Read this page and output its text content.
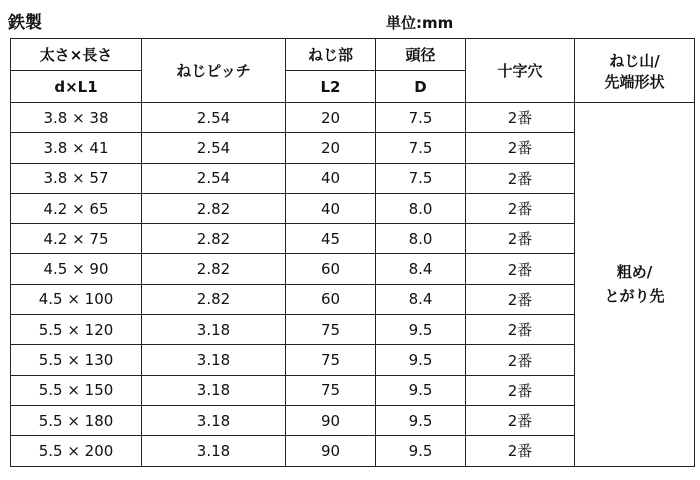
鉄製	単位:mm
太さ×長さ	ねじピッチ	ねじ部	頭径	十字穴	ねじ山/
先端形状

d×L1		L2	D		
3.8 × 38	2.54	20	7.5	2番	粗め/
とがり先

3.8 × 41	2.54	20	7.5	2番	
3.8 × 57	2.54	40	7.5	2番	
4.2 × 65	2.82	40	8.0	2番	
4.2 × 75	2.82	45	8.0	2番	
4.5 × 90	2.82	60	8.4	2番	
4.5 × 100	2.82	60	8.4	2番	
5.5 × 120	3.18	75	9.5	2番	
5.5 × 130	3.18	75	9.5	2番	
5.5 × 150	3.18	75	9.5	2番	
5.5 × 180	3.18	90	9.5	2番	
5.5 × 200	3.18	90	9.5	2番	
